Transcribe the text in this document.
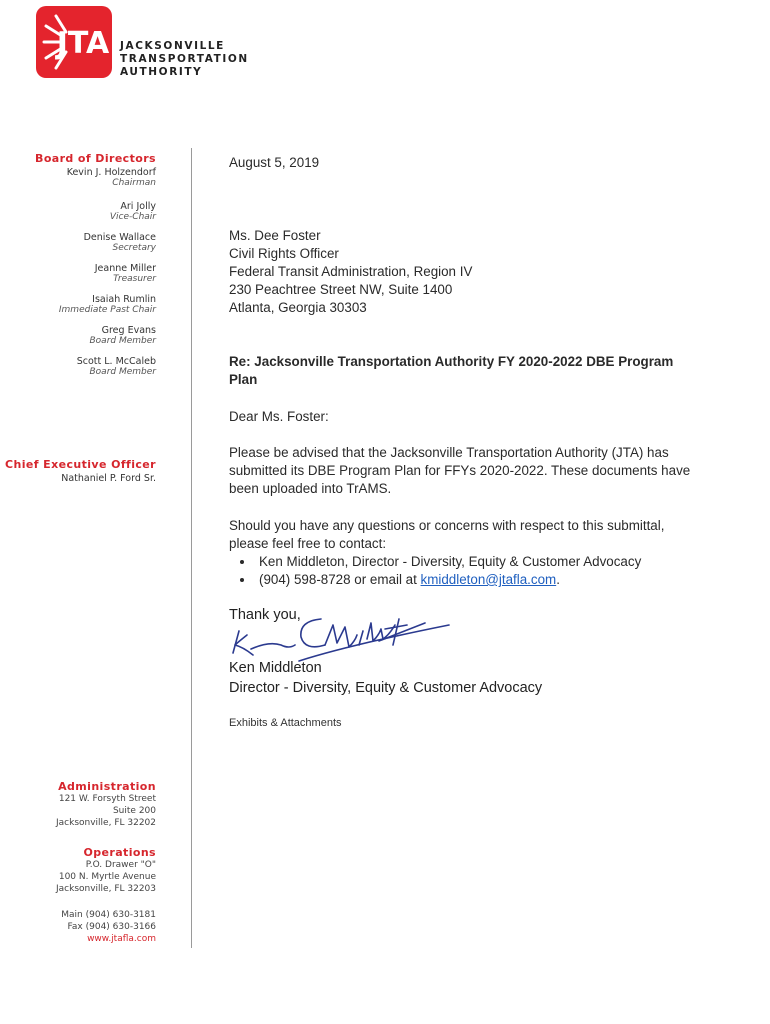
JTA JACKSONVILLE
TRANSPORTATION
AUTHORITY
Board of Directors
Kevin J. Holzendorf
Chairman
Ari Jolly
Vice-Chair
Denise Wallace
Secretary
Jeanne Miller
Treasurer
Isaiah Rumlin
Immediate Past Chair
Greg Evans
Board Member
Scott L. McCaleb
Board Member
Chief Executive Officer
Nathaniel P. Ford Sr.
Administration
121 W. Forsyth Street
Suite 200
Jacksonville, FL 32202
Operations
P.O. Drawer "O"
100 N. Myrtle Avenue
Jacksonville, FL 32203
Main (904) 630-3181
Fax (904) 630-3166
www.jtafla.com
August 5, 2019
Ms. Dee Foster
Civil Rights Officer
Federal Transit Administration, Region IV
230 Peachtree Street NW, Suite 1400
Atlanta, Georgia 30303
Re: Jacksonville Transportation Authority FY 2020-2022 DBE Program Plan
Dear Ms. Foster:
Please be advised that the Jacksonville Transportation Authority (JTA) has submitted its DBE Program Plan for FFYs 2020-2022. These documents have been uploaded into TrAMS.
Should you have any questions or concerns with respect to this submittal, please feel free to contact:
• Ken Middleton, Director - Diversity, Equity & Customer Advocacy
• (904) 598-8728 or email at kmiddleton@jtafla.com.
Thank you,
Ken Middleton
Director - Diversity, Equity & Customer Advocacy
Exhibits & Attachments
